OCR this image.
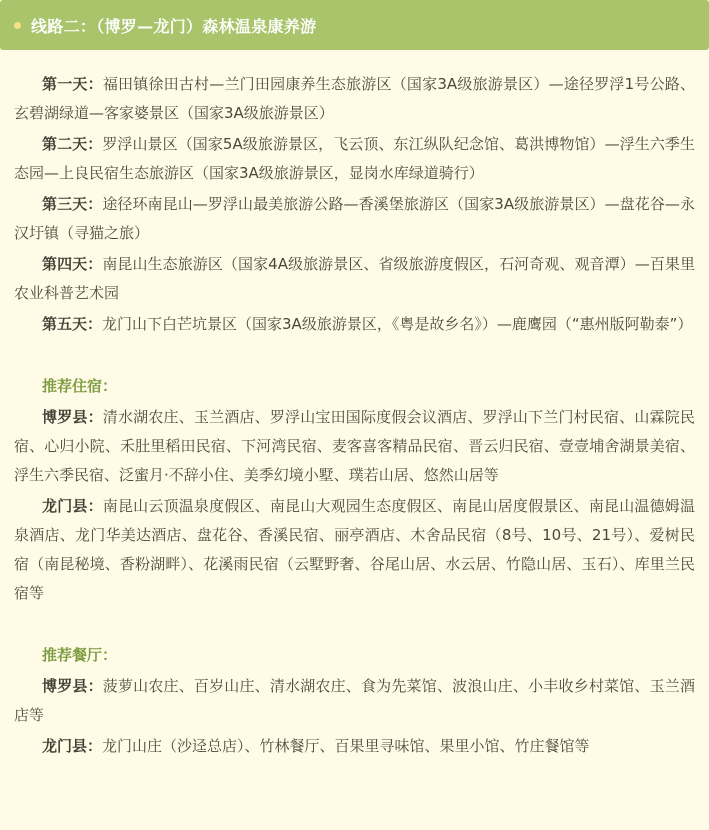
线路二：（博罗—龙门）森林温泉康养游

第一天：福田镇徐田古村—兰门田园康养生态旅游区（国家3A级旅游景区）—途径罗浮1号公路、玄碧湖绿道—客家婆景区（国家3A级旅游景区）

第二天：罗浮山景区（国家5A级旅游景区，飞云顶、东江纵队纪念馆、葛洪博物馆）—浮生六季生态园—上良民宿生态旅游区（国家3A级旅游景区，显岗水库绿道骑行）

第三天：途径环南昆山—罗浮山最美旅游公路—香溪堡旅游区（国家3A级旅游景区）—盘花谷—永汉圩镇（寻猫之旅）

第四天：南昆山生态旅游区（国家4A级旅游景区、省级旅游度假区，石河奇观、观音潭）—百果里农业科普艺术园

第五天：龙门山下白芒坑景区（国家3A级旅游景区，《粤是故乡名》）—鹿鹰园（“惠州版阿勒泰”）

推荐住宿：

博罗县：清水湖农庄、玉兰酒店、罗浮山宝田国际度假会议酒店、罗浮山下兰门村民宿、山霖院民宿、心归小院、禾肚里稻田民宿、下河湾民宿、麦客喜客精品民宿、晋云归民宿、壹壹埔舍湖景美宿、浮生六季民宿、泛蜜月·不辞小住、美季幻境小墅、璞若山居、悠然山居等

龙门县：南昆山云顶温泉度假区、南昆山大观园生态度假区、南昆山居度假景区、南昆山温德姆温泉酒店、龙门华美达酒店、盘花谷、香溪民宿、丽亭酒店、木舍品民宿（8号、10号、21号）、爱树民宿（南昆秘境、香粉湖畔）、花溪雨民宿（云墅野奢、谷尾山居、水云居、竹隐山居、玉石）、库里兰民宿等

推荐餐厅：

博罗县：菠萝山农庄、百岁山庄、清水湖农庄、食为先菜馆、波浪山庄、小丰收乡村菜馆、玉兰酒店等

龙门县：龙门山庄（沙迳总店）、竹林餐厅、百果里寻味馆、果里小馆、竹庄餐馆等
